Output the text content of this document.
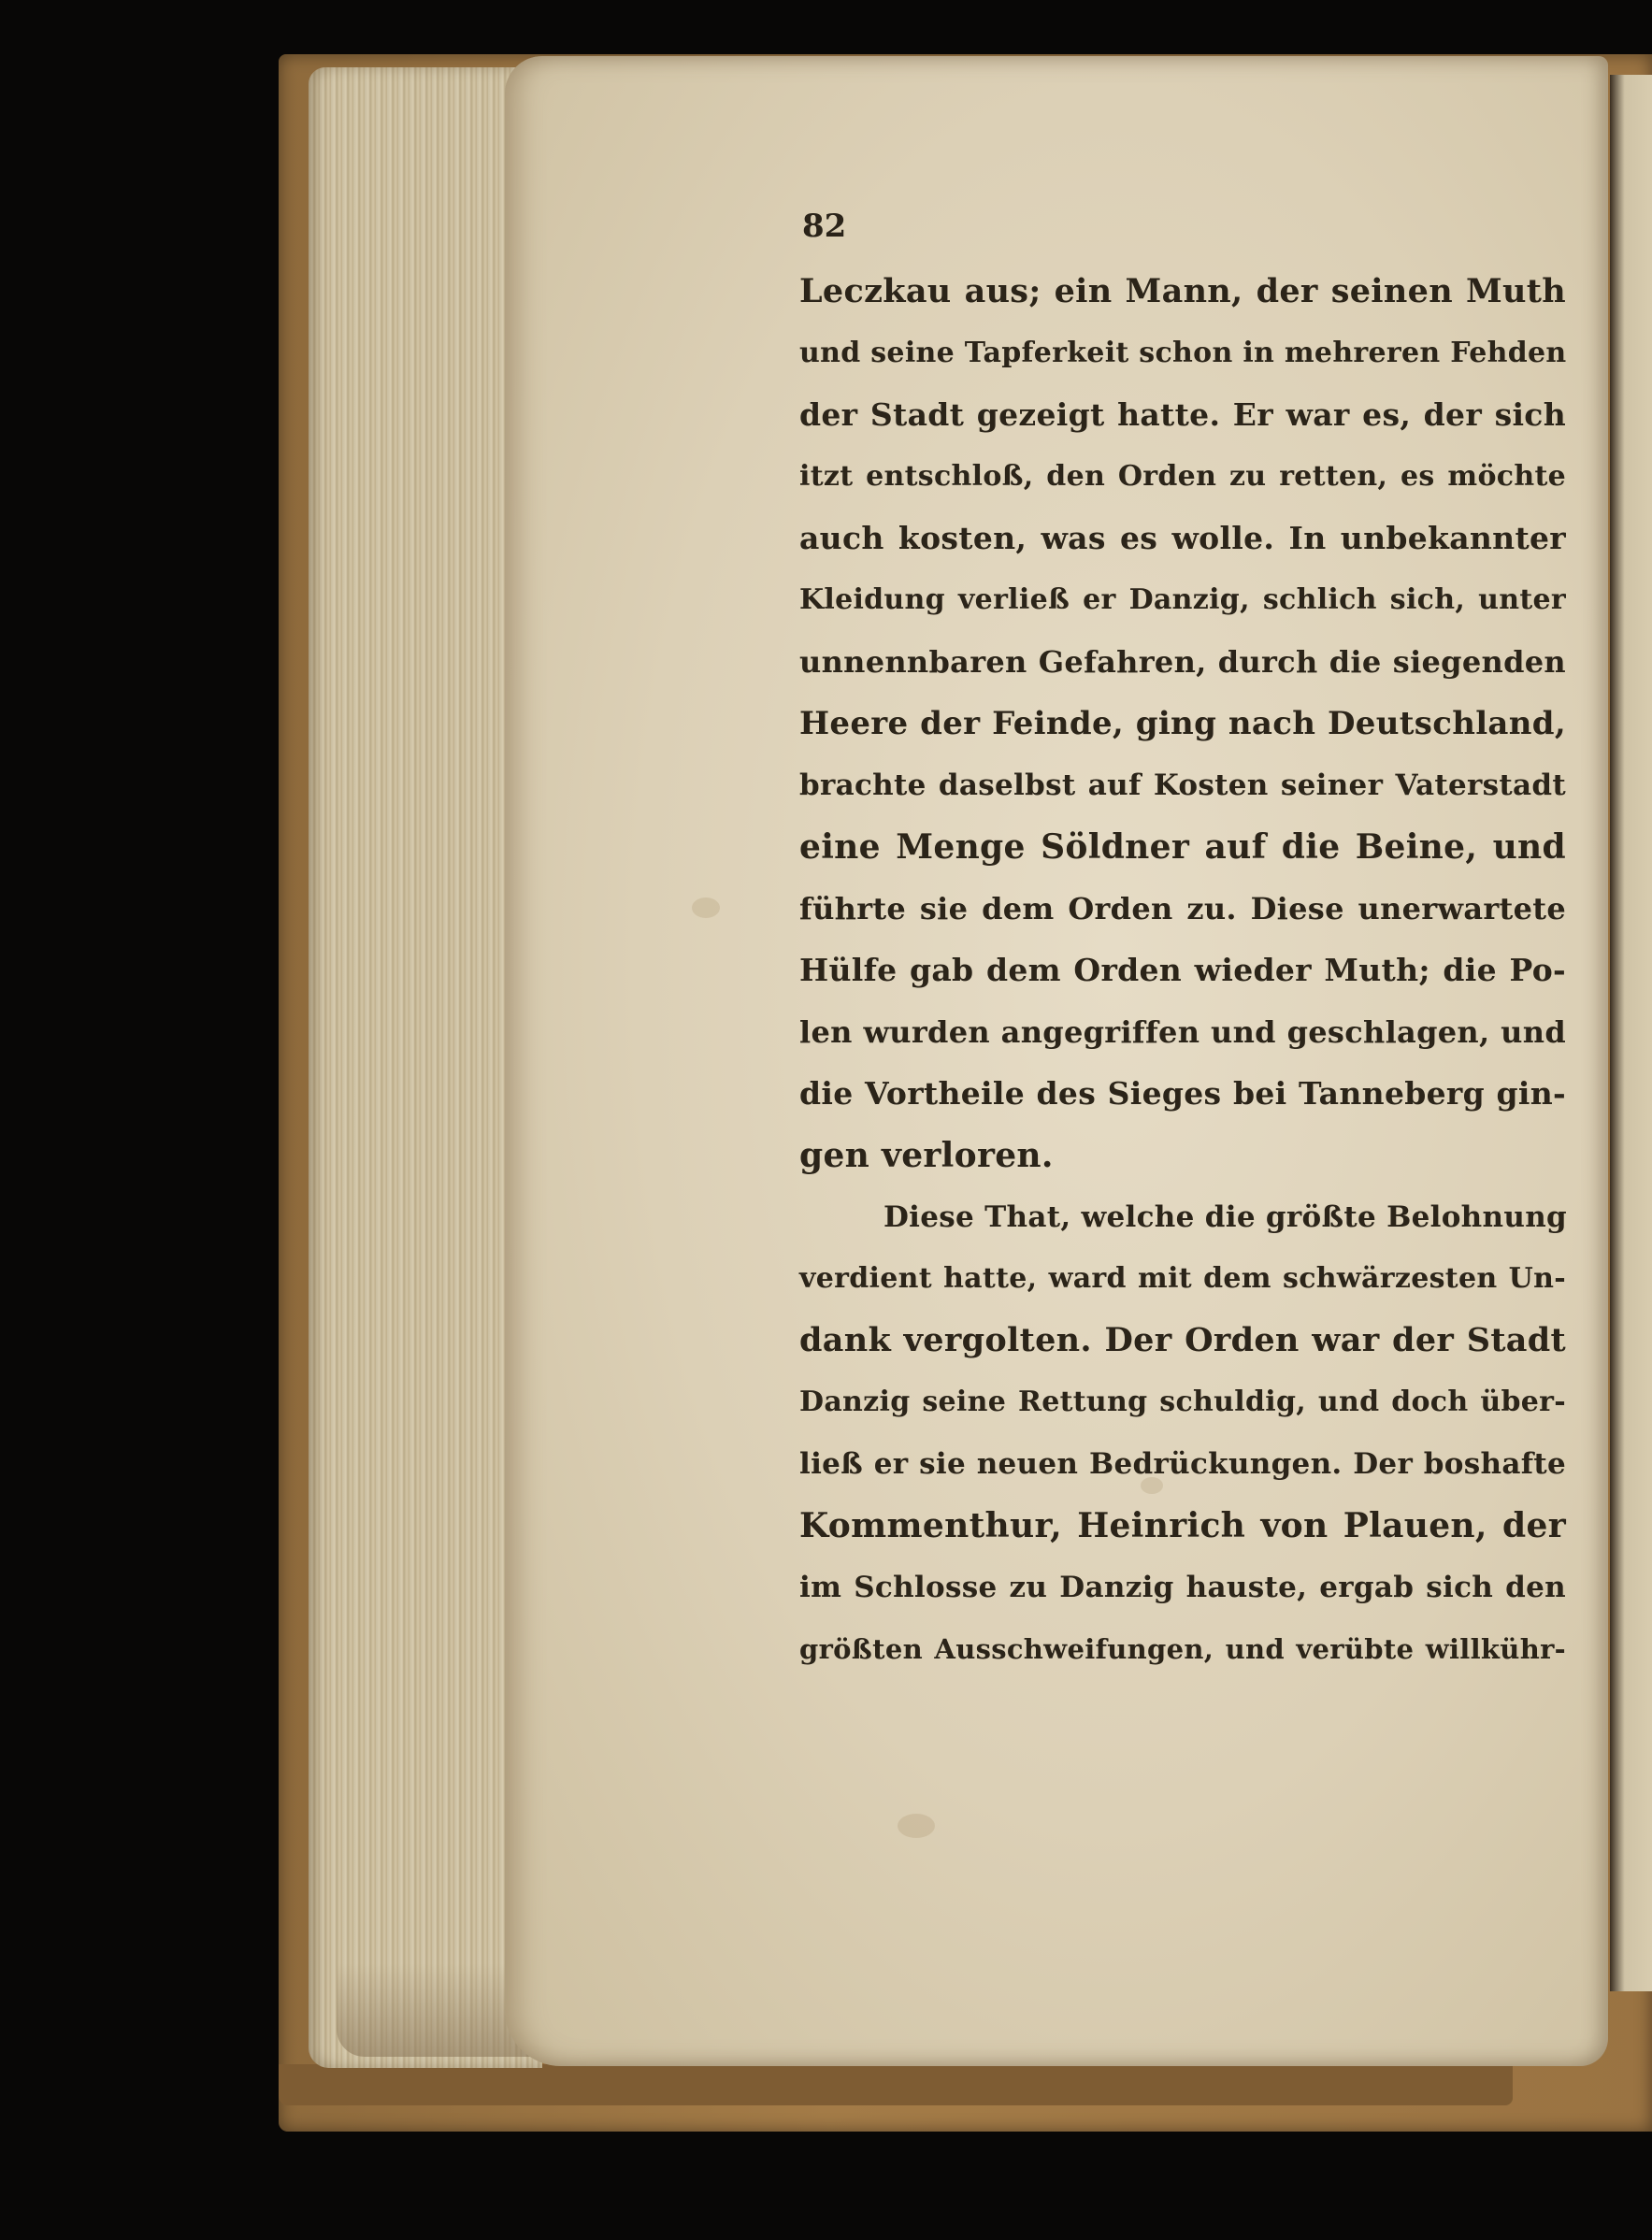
82
Leczkau aus; ein Mann, der seinen Muth
und seine Tapferkeit schon in mehreren Fehden
der Stadt gezeigt hatte. Er war es, der sich
itzt entschloß, den Orden zu retten, es möchte
auch kosten, was es wolle. In unbekannter
Kleidung verließ er Danzig, schlich sich, unter
unnennbaren Gefahren, durch die siegenden
Heere der Feinde, ging nach Deutschland,
brachte daselbst auf Kosten seiner Vaterstadt
eine Menge Söldner auf die Beine, und
führte sie dem Orden zu. Diese unerwartete
Hülfe gab dem Orden wieder Muth; die Po-
len wurden angegriffen und geschlagen, und
die Vortheile des Sieges bei Tanneberg gin-
gen verloren.
Diese That, welche die größte Belohnung
verdient hatte, ward mit dem schwärzesten Un-
dank vergolten. Der Orden war der Stadt
Danzig seine Rettung schuldig, und doch über-
ließ er sie neuen Bedrückungen. Der boshafte
Kommenthur, Heinrich von Plauen, der
im Schlosse zu Danzig hauste, ergab sich den
größten Ausschweifungen, und verübte willkühr-
